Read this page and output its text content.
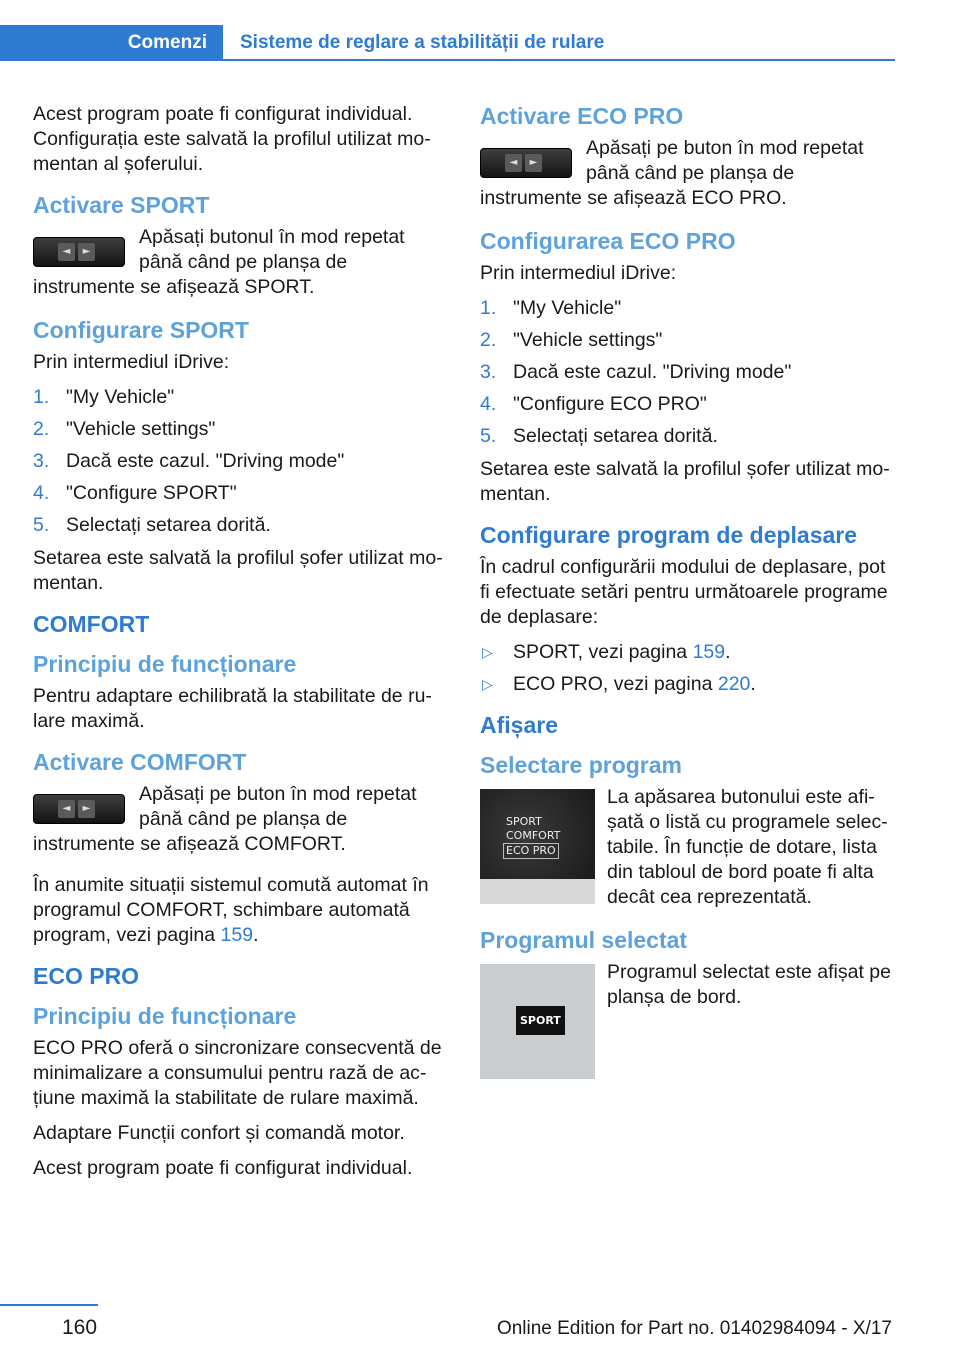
Comenzi Sisteme de reglare a stabilității de rulare

Acest program poate fi configurat individual. Configurația este salvată la profilul utilizat momentan al șoferului.

Activare SPORT
◄	►
Apăsați butonul în mod repetat până când pe planșa de instrumente se afișează SPORT.
Configurare SPORT

Prin intermediul iDrive:

1. "My Vehicle"
2. "Vehicle settings"
3. Dacă este cazul. "Driving mode"
4. "Configure SPORT"
5. Selectați setarea dorită.

Setarea este salvată la profilul șofer utilizat momentan.

COMFORT
Principiu de funcționare

Pentru adaptare echilibrată la stabilitate de rulare maximă.

Activare COMFORT
◄	►
Apăsați pe buton în mod repetat până când pe planșa de instrumente se afișează COMFORT.

În anumite situații sistemul comută automat în programul COMFORT, schimbare automată program, vezi pagina 159.

ECO PRO
Principiu de funcționare

ECO PRO oferă o sincronizare consecventă de minimalizare a consumului pentru rază de acțiune maximă la stabilitate de rulare maximă.

Adaptare Funcții confort și comandă motor.

Acest program poate fi configurat individual.

Activare ECO PRO
◄	►
Apăsați pe buton în mod repetat până când pe planșa de instrumente se afișează ECO PRO.
Configurarea ECO PRO

Prin intermediul iDrive:

1. "My Vehicle"
2. "Vehicle settings"
3. Dacă este cazul. "Driving mode"
4. "Configure ECO PRO"
5. Selectați setarea dorită.

Setarea este salvată la profilul șofer utilizat momentan.

Configurare program de deplasare

În cadrul configurării modului de deplasare, pot fi efectuate setări pentru următoarele programe de deplasare:

▷ SPORT, vezi pagina 159.
▷ ECO PRO, vezi pagina 220.
Afișare
Selectare program
SPORT
COMFORT
ECO PRO
La apăsarea butonului este afișată o listă cu programele selectabile. În funcție de dotare, lista din tabloul de bord poate fi alta decât cea reprezentată.
Programul selectat
SPORT
Programul selectat este afișat pe planșa de bord.
160	Online Edition for Part no. 01402984094 - X/17
